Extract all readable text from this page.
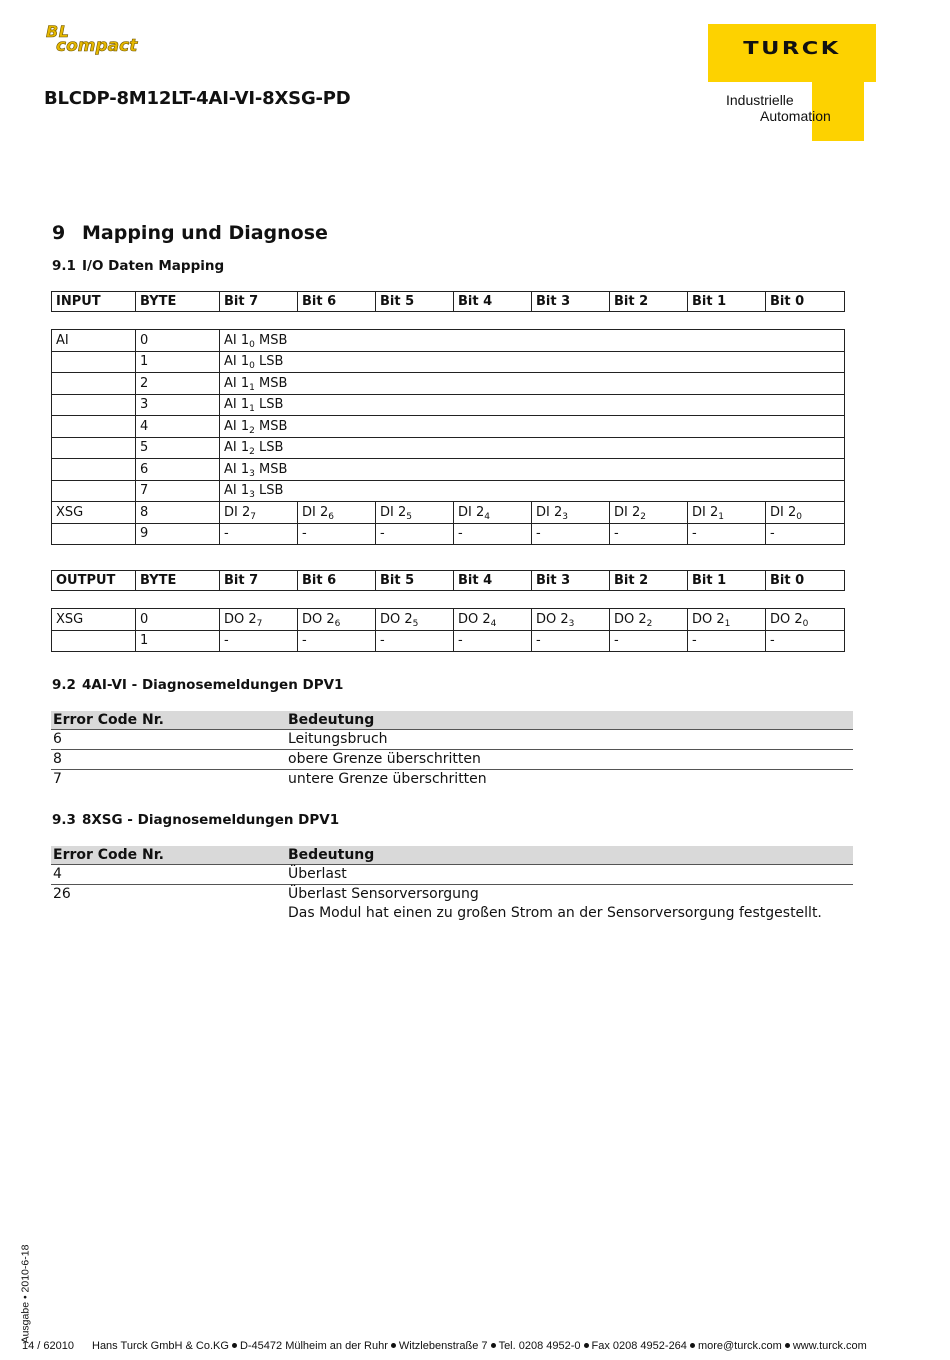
BL
compact
BLCDP-8M12LT-4AI-VI-8XSG-PD
TURCK
Industrielle
Automation
9 Mapping und Diagnose
9.1 I/O Daten Mapping
INPUT	BYTE	Bit 7	Bit 6	Bit 5	Bit 4	Bit 3	Bit 2	Bit 1	Bit 0
AI	0	AI $1_0$ MSB							
	1	AI $1_0$ LSB							
	2	AI $1_1$ MSB							
	3	AI $1_1$ LSB							
	4	AI $1_2$ MSB							
	5	AI $1_2$ LSB							
	6	AI $1_3$ MSB							
	7	AI $1_3$ LSB							
XSG	8	DI $2_7$	DI $2_6$	DI $2_5$	DI $2_4$	DI $2_3$	DI $2_2$	DI $2_1$	DI $2_0$
	9	-	-	-	-	-	-	-	-
OUTPUT	BYTE	Bit 7	Bit 6	Bit 5	Bit 4	Bit 3	Bit 2	Bit 1	Bit 0
XSG	0	DO $2_7$	DO $2_6$	DO $2_5$	DO $2_4$	DO $2_3$	DO $2_2$	DO $2_1$	DO $2_0$
	1	-	-	-	-	-	-	-	-
9.2 4AI-VI - Diagnosemeldungen DPV1
Error Code Nr.	Bedeutung
6	Leitungsbruch
8	obere Grenze überschritten
7	untere Grenze überschritten
9.3 8XSG - Diagnosemeldungen DPV1
Error Code Nr.	Bedeutung
4	Überlast
26	Überlast Sensorversorgung
Das Modul hat einen zu großen Strom an der Sensorversorgung festgestellt.
Ausgabe • 2010-6-18
14 / 62010 Hans Turck GmbH & Co.KG D-45472 Mülheim an der Ruhr Witzlebenstraße 7 Tel. 0208 4952-0 Fax 0208 4952-264 more@turck.com www.turck.com
